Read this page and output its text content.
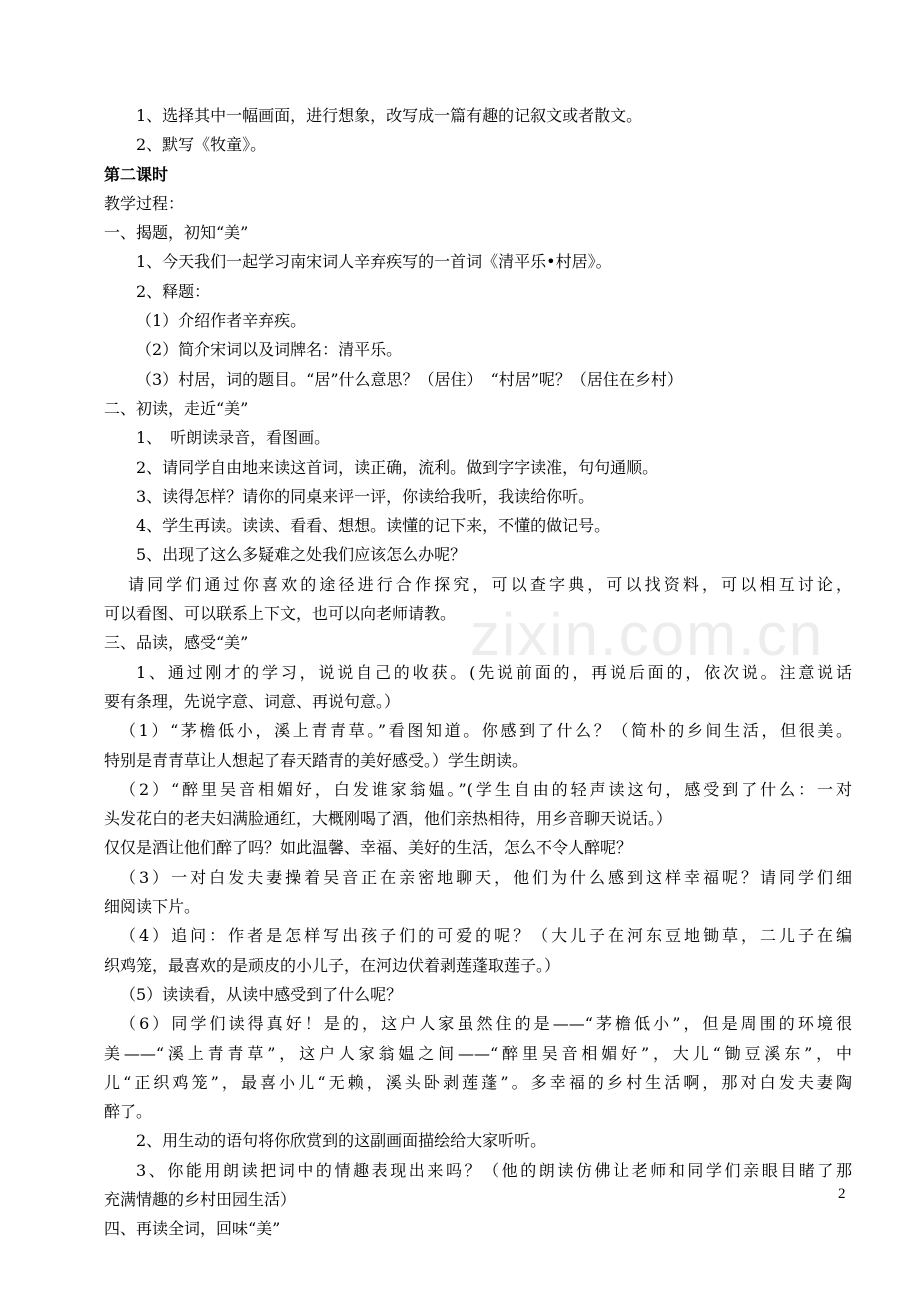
zixin.com.cn

1、选择其中一幅画面，进行想象，改写成一篇有趣的记叙文或者散文。

2、默写《牧童》。

第二课时

教学过程：

一、揭题，初知“美”

1、今天我们一起学习南宋词人辛弃疾写的一首词《清平乐•村居》。

2、释题：

（1）介绍作者辛弃疾。

（2）简介宋词以及词牌名：清平乐。

（3）村居，词的题目。“居”什么意思？（居住）　“村居”呢？（居住在乡村）

二、初读，走近“美”

1、　听朗读录音，看图画。

2、请同学自由地来读这首词，读正确，流利。做到字字读准，句句通顺。

3、读得怎样？请你的同桌来评一评，你读给我听，我读给你听。

4、学生再读。读读、看看、想想。读懂的记下来，不懂的做记号。

5、出现了这么多疑难之处我们应该怎么办呢？

请同学们通过你喜欢的途径进行合作探究，可以查字典，可以找资料，可以相互讨论，

可以看图、可以联系上下文，也可以向老师请教。

三、品读，感受“美”

1、通过刚才的学习，说说自己的收获。(先说前面的，再说后面的，依次说。注意说话

要有条理，先说字意、词意、再说句意。）

（1）“茅檐低小，溪上青青草。”看图知道。你感到了什么？（简朴的乡间生活，但很美。

特别是青青草让人想起了春天踏青的美好感受。）学生朗读。

（2）“醉里吴音相媚好，白发谁家翁媪。”(学生自由的轻声读这句，感受到了什么：一对

头发花白的老夫妇满脸通红，大概刚喝了酒，他们亲热相待，用乡音聊天说话。）

仅仅是酒让他们醉了吗？如此温馨、幸福、美好的生活，怎么不令人醉呢？

（3）一对白发夫妻操着吴音正在亲密地聊天，他们为什么感到这样幸福呢？请同学们细

细阅读下片。

（4）追问：作者是怎样写出孩子们的可爱的呢？（大儿子在河东豆地锄草，二儿子在编

织鸡笼，最喜欢的是顽皮的小儿子，在河边伏着剥莲蓬取莲子。）

（5）读读看，从读中感受到了什么呢？

（6）同学们读得真好！是的，这户人家虽然住的是——“茅檐低小”，但是周围的环境很

美——“溪上青青草”，这户人家翁媪之间——“醉里吴音相媚好”，大儿“锄豆溪东”，中

儿“正织鸡笼”，最喜小儿“无赖，溪头卧剥莲蓬”。多幸福的乡村生活啊，那对白发夫妻陶

醉了。

2、用生动的语句将你欣赏到的这副画面描绘给大家听听。

3、你能用朗读把词中的情趣表现出来吗？（他的朗读仿佛让老师和同学们亲眼目睹了那

充满情趣的乡村田园生活）

四、再读全词，回味“美”

2
